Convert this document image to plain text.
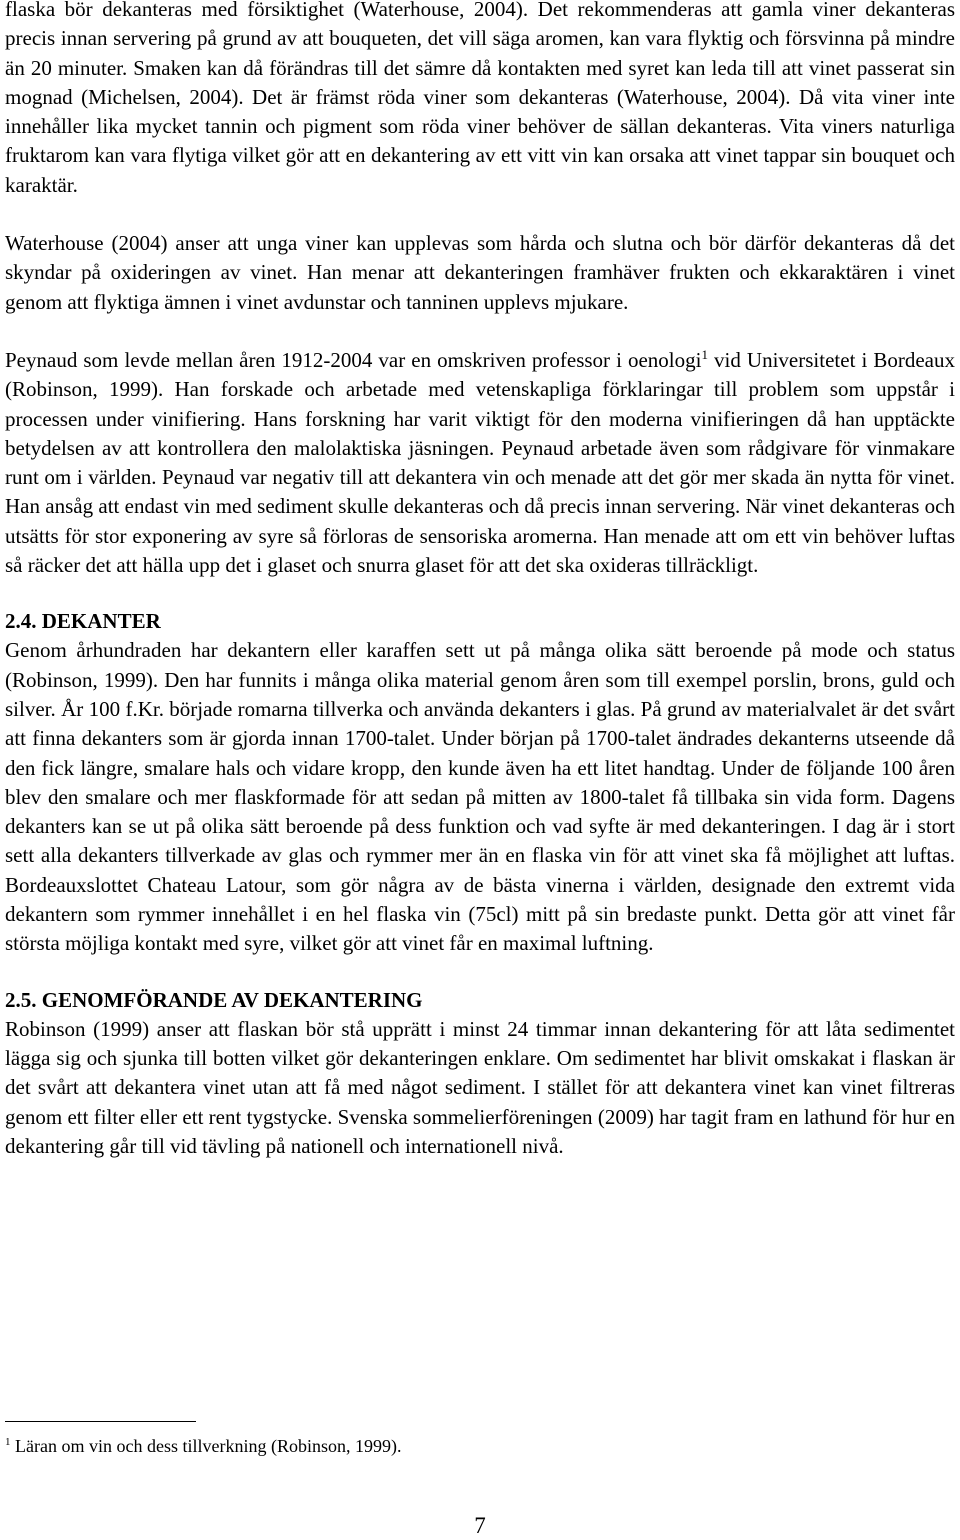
flaska bör dekanteras med försiktighet (Waterhouse, 2004). Det rekommenderas att gamla viner dekanteras precis innan servering på grund av att bouqueten, det vill säga aromen, kan vara flyktig och försvinna på mindre än 20 minuter. Smaken kan då förändras till det sämre då kontakten med syret kan leda till att vinet passerat sin mognad (Michelsen, 2004). Det är främst röda viner som dekanteras (Waterhouse, 2004). Då vita viner inte innehåller lika mycket tannin och pigment som röda viner behöver de sällan dekanteras. Vita viners naturliga fruktarom kan vara flytiga vilket gör att en dekantering av ett vitt vin kan orsaka att vinet tappar sin bouquet och karaktär.

Waterhouse (2004) anser att unga viner kan upplevas som hårda och slutna och bör därför dekanteras då det skyndar på oxideringen av vinet. Han menar att dekanteringen framhäver frukten och ekkaraktären i vinet genom att flyktiga ämnen i vinet avdunstar och tanninen upplevs mjukare.

Peynaud som levde mellan åren 1912-2004 var en omskriven professor i oenologi$^1$ vid Universitetet i Bordeaux (Robinson, 1999). Han forskade och arbetade med vetenskapliga förklaringar till problem som uppstår i processen under vinifiering. Hans forskning har varit viktigt för den moderna vinifieringen då han upptäckte betydelsen av att kontrollera den malolaktiska jäsningen. Peynaud arbetade även som rådgivare för vinmakare runt om i världen. Peynaud var negativ till att dekantera vin och menade att det gör mer skada än nytta för vinet. Han ansåg att endast vin med sediment skulle dekanteras och då precis innan servering. När vinet dekanteras och utsätts för stor exponering av syre så förloras de sensoriska aromerna. Han menade att om ett vin behöver luftas så räcker det att hälla upp det i glaset och snurra glaset för att det ska oxideras tillräckligt.

2.4. DEKANTER

Genom århundraden har dekantern eller karaffen sett ut på många olika sätt beroende på mode och status (Robinson, 1999). Den har funnits i många olika material genom åren som till exempel porslin, brons, guld och silver. År 100 f.Kr. började romarna tillverka och använda dekanters i glas. På grund av materialvalet är det svårt att finna dekanters som är gjorda innan 1700-talet. Under början på 1700-talet ändrades dekanterns utseende då den fick längre, smalare hals och vidare kropp, den kunde även ha ett litet handtag. Under de följande 100 åren blev den smalare och mer flaskformade för att sedan på mitten av 1800-talet få tillbaka sin vida form. Dagens dekanters kan se ut på olika sätt beroende på dess funktion och vad syfte är med dekanteringen. I dag är i stort sett alla dekanters tillverkade av glas och rymmer mer än en flaska vin för att vinet ska få möjlighet att luftas. Bordeauxslottet Chateau Latour, som gör några av de bästa vinerna i världen, designade den extremt vida dekantern som rymmer innehållet i en hel flaska vin (75cl) mitt på sin bredaste punkt. Detta gör att vinet får största möjliga kontakt med syre, vilket gör att vinet får en maximal luftning.

2.5. GENOMFÖRANDE AV DEKANTERING

Robinson (1999) anser att flaskan bör stå upprätt i minst 24 timmar innan dekantering för att låta sedimentet lägga sig och sjunka till botten vilket gör dekanteringen enklare. Om sedimentet har blivit omskakat i flaskan är det svårt att dekantera vinet utan att få med något sediment. I stället för att dekantera vinet kan vinet filtreras genom ett filter eller ett rent tygstycke. Svenska sommelierföreningen (2009) har tagit fram en lathund för hur en dekantering går till vid tävling på nationell och internationell nivå.

$^1$ Läran om vin och dess tillverkning (Robinson, 1999).
7
